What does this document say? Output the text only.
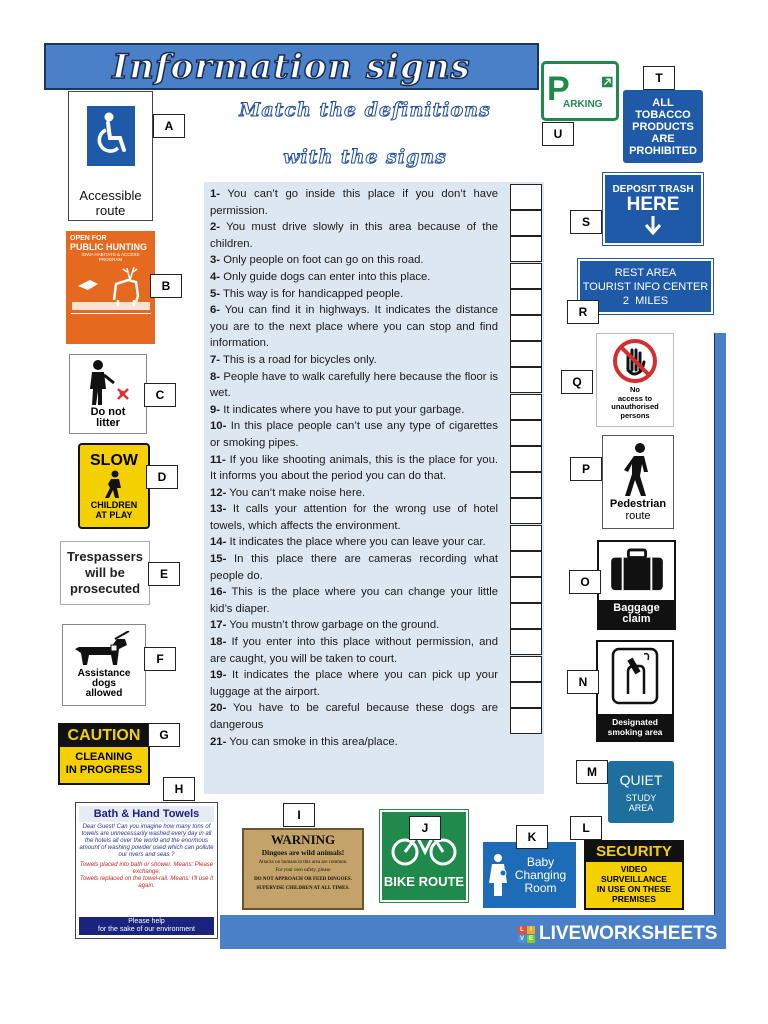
Information signs
Match the definitions
with the signs
1- You can’t go inside this place if you don’t have permission.
2- You must drive slowly in this area because of the children.
3- Only people on foot can go on this road.
4- Only guide dogs can enter into this place.
5- This way is for handicapped people.
6- You can find it in highways. It indicates the distance you are to the next place where you can stop and find information.
7- This is a road for bicycles only.
8- People have to walk carefully here because the floor is wet.
9- It indicates where you have to put your garbage.
10- In this place people can’t use any type of cigarettes or smoking pipes.
11- If you like shooting animals, this is the place for you. It informs you about the period you can do that.
12- You can’t make noise here.
13- It calls your attention for the wrong use of hotel towels, which affects the environment.
14- It indicates the place where you can leave your car.
15- In this place there are cameras recording what people do.
16- This is the place where you can change your little kid’s diaper.
17- You mustn’t throw garbage on the ground.
18- If you enter into this place without permission, and are caught, you will be taken to court.
19- It indicates the place where you can pick up your luggage at the airport.
20- You have to be careful because these dogs are dangerous
21- You can smoke in this area/place.
L	I
V E LIVEWORKSHEETS
Accessible
route
OPEN FOR
PUBLIC HUNTING
IOWA HABITATS & ACCESS PROGRAM
Do not
litter
SLOW
CHILDREN
AT PLAY
Trespassers
will be
prosecuted
Assistance
dogs
allowed
CAUTION
CLEANING
IN PROGRESS
Bath & Hand Towels
Dear Guest! Can you imagine how many tons of towels are unnecessarily washed every day in all the hotels all over the world and the enormous amount of washing powder used which can pollute our rivers and seas ?
Towels placed into bath or shower. Means: Please exchange.
Towels replaced on the towel-rail. Means: I'll use it again.
Please help
for the sake of our environment
WARNING
Dingoes are wild animals!
Attacks on humans in this area are common.
For your own safety, please
DO NOT APPROACH OR FEED DINGOES.
SUPERVISE CHILDREN AT ALL TIMES.	BIKE ROUTE
Baby
Changing
Room
SECURITY
VIDEO
SURVEILLANCE
IN USE ON THESE
PREMISES
QUIET
STUDY
AREA
Designated
smoking area
Baggage
claim
Pedestrian
route
No
access to
unauthorised
persons
REST AREA
TOURIST INFO CENTER
2  MILES
DEPOSIT TRASH
HERE
ALL
TOBACCO
PRODUCTS
ARE
PROHIBITED
P
ARKING
A
B
C
D
E
F
G
H
I
J
K
L
M
N
O
P
Q
R
S
T
U
